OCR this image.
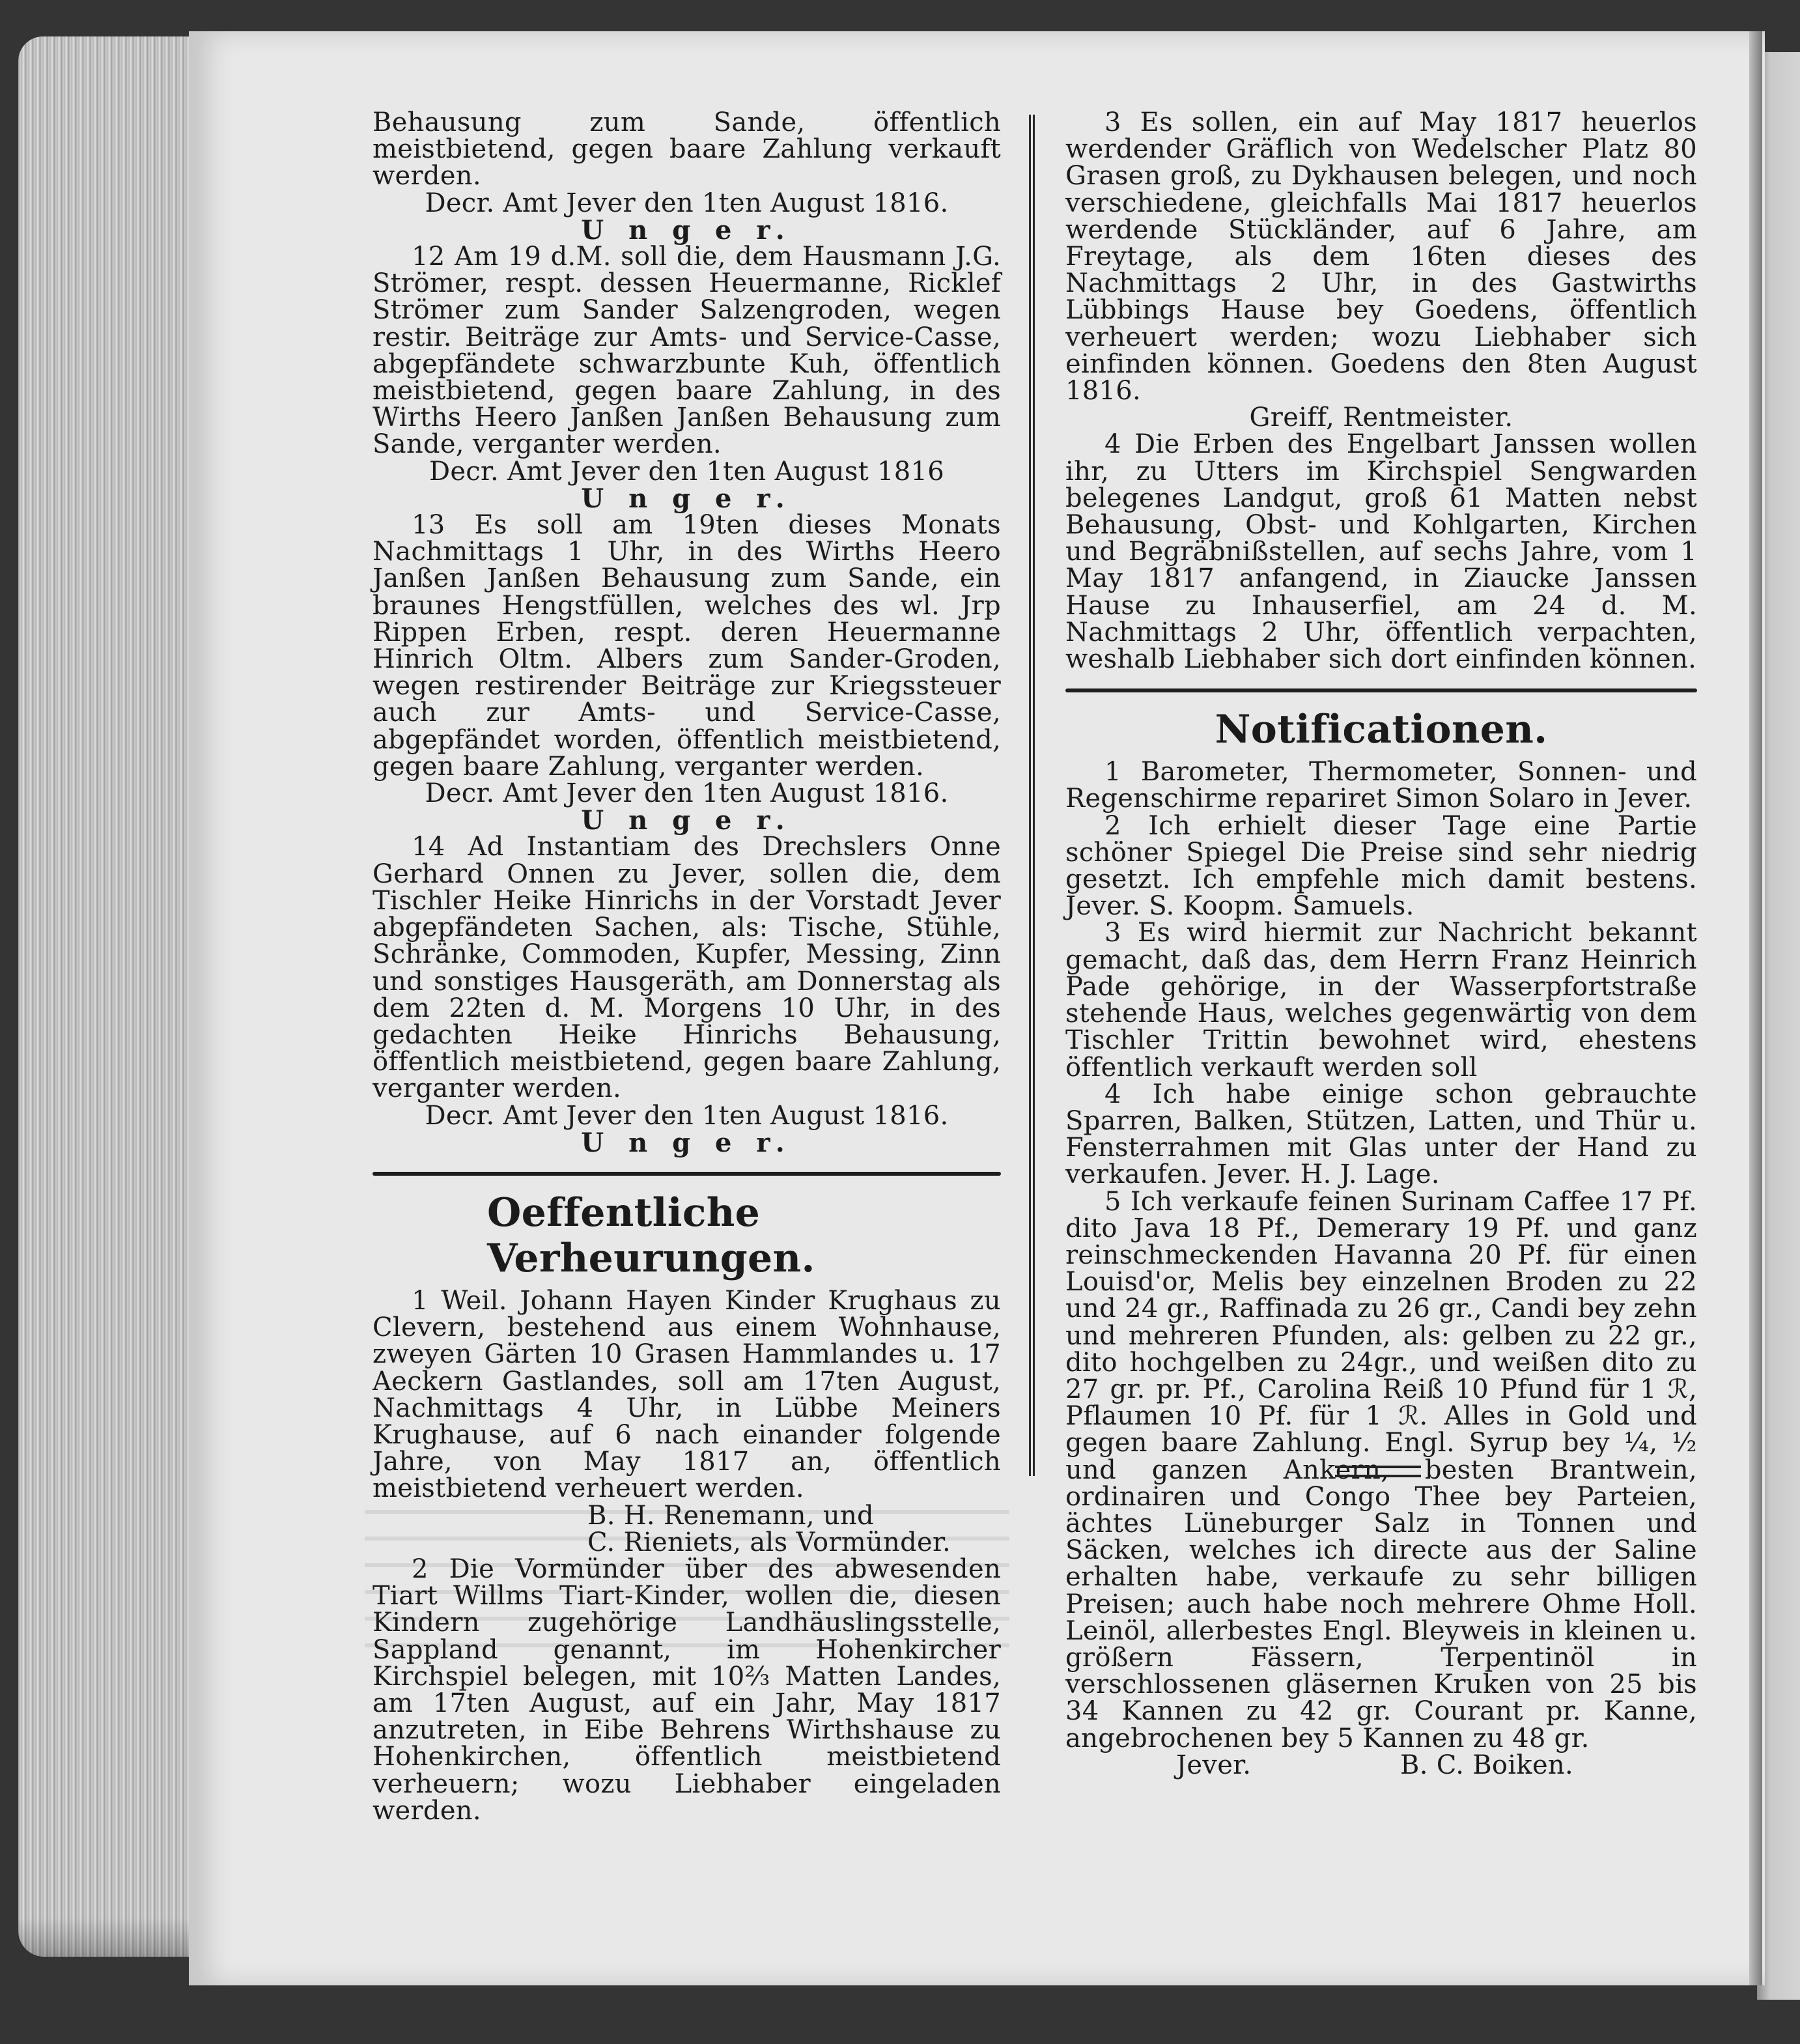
Behausung zum Sande, öffentlich meistbietend, gegen baare Zahlung verkauft werden.

Decr. Amt Jever den 1ten August 1816.

U n g e r.

12 Am 19 d.M. soll die, dem Hausmann J.G. Strömer, respt. dessen Heuermanne, Ricklef Strömer zum Sander Salzengroden, wegen restir. Beiträge zur Amts- und Service-Casse, abgepfändete schwarzbunte Kuh, öffentlich meistbietend, gegen baare Zahlung, in des Wirths Heero Janßen Janßen Behausung zum Sande, verganter werden.

Decr. Amt Jever den 1ten August 1816

U n g e r.

13 Es soll am 19ten dieses Monats Nachmittags 1 Uhr, in des Wirths Heero Janßen Janßen Behausung zum Sande, ein braunes Hengstfüllen, welches des wl. Jrp Rippen Erben, respt. deren Heuermanne Hinrich Oltm. Albers zum Sander-Groden, wegen restirender Beiträge zur Kriegssteuer auch zur Amts- und Service-Casse, abgepfändet worden, öffentlich meistbietend, gegen baare Zahlung, verganter werden.

Decr. Amt Jever den 1ten August 1816.

U n g e r.

14 Ad Instantiam des Drechslers Onne Gerhard Onnen zu Jever, sollen die, dem Tischler Heike Hinrichs in der Vorstadt Jever abgepfändeten Sachen, als: Tische, Stühle, Schränke, Commoden, Kupfer, Messing, Zinn und sonstiges Hausgeräth, am Donnerstag als dem 22ten d. M. Morgens 10 Uhr, in des gedachten Heike Hinrichs Behausung, öffentlich meistbietend, gegen baare Zahlung, verganter werden.

Decr. Amt Jever den 1ten August 1816.

U n g e r.

Oeffentliche Verheurungen.

1 Weil. Johann Hayen Kinder Krughaus zu Clevern, bestehend aus einem Wohnhause, zweyen Gärten 10 Grasen Hammlandes u. 17 Aeckern Gastlandes, soll am 17ten August, Nachmittags 4 Uhr, in Lübbe Meiners Krughause, auf 6 nach einander folgende Jahre, von May 1817 an, öffentlich meistbietend verheuert werden.

B. H. Renemann, und

C. Rieniets, als Vormünder.

2 Die Vormünder über des abwesenden Tiart Willms Tiart-Kinder, wollen die, diesen Kindern zugehörige Landhäuslingsstelle, Sappland genannt, im Hohenkircher Kirchspiel belegen, mit 10⅔ Matten Landes, am 17ten August, auf ein Jahr, May 1817 anzutreten, in Eibe Behrens Wirthshause zu Hohenkirchen, öffentlich meistbietend verheuern; wozu Liebhaber eingeladen werden.

3 Es sollen, ein auf May 1817 heuerlos werdender Gräflich von Wedelscher Platz 80 Grasen groß, zu Dykhausen belegen, und noch verschiedene, gleichfalls Mai 1817 heuerlos werdende Stückländer, auf 6 Jahre, am Freytage, als dem 16ten dieses des Nachmittags 2 Uhr, in des Gastwirths Lübbings Hause bey Goedens, öffentlich verheuert werden; wozu Liebhaber sich einfinden können. Goedens den 8ten August 1816.

Greiff, Rentmeister.

4 Die Erben des Engelbart Janssen wollen ihr, zu Utters im Kirchspiel Sengwarden belegenes Landgut, groß 61 Matten nebst Behausung, Obst- und Kohlgarten, Kirchen und Begräbnißstellen, auf sechs Jahre, vom 1 May 1817 anfangend, in Ziaucke Janssen Hause zu Inhauserfiel, am 24 d. M. Nachmittags 2 Uhr, öffentlich verpachten, weshalb Liebhaber sich dort einfinden können.

Notificationen.

1 Barometer, Thermometer, Sonnen- und Regenschirme repariret Simon Solaro in Jever.

2 Ich erhielt dieser Tage eine Partie schöner Spiegel Die Preise sind sehr niedrig gesetzt. Ich empfehle mich damit bestens. Jever. S. Koopm. Samuels.

3 Es wird hiermit zur Nachricht bekannt gemacht, daß das, dem Herrn Franz Heinrich Pade gehörige, in der Wasserpfortstraße stehende Haus, welches gegenwärtig von dem Tischler Trittin bewohnet wird, ehestens öffentlich verkauft werden soll

4 Ich habe einige schon gebrauchte Sparren, Balken, Stützen, Latten, und Thür u. Fensterrahmen mit Glas unter der Hand zu verkaufen. Jever. H. J. Lage.

5 Ich verkaufe feinen Surinam Caffee 17 Pf. dito Java 18 Pf., Demerary 19 Pf. und ganz reinschmeckenden Havanna 20 Pf. für einen Louisd'or, Melis bey einzelnen Broden zu 22 und 24 gr., Raffinada zu 26 gr., Candi bey zehn und mehreren Pfunden, als: gelben zu 22 gr., dito hochgelben zu 24gr., und weißen dito zu 27 gr. pr. Pf., Carolina Reiß 10 Pfund für 1 ℛ, Pflaumen 10 Pf. für 1 ℛ. Alles in Gold und gegen baare Zahlung. Engl. Syrup bey ¼, ½ und ganzen Ankern, besten Brantwein, ordinairen und Congo Thee bey Parteien, ächtes Lüneburger Salz in Tonnen und Säcken, welches ich directe aus der Saline erhalten habe, verkaufe zu sehr billigen Preisen; auch habe noch mehrere Ohme Holl. Leinöl, allerbestes Engl. Bleyweis in kleinen u. größern Fässern, Terpentinöl in verschlossenen gläsernen Kruken von 25 bis 34 Kannen zu 42 gr. Courant pr. Kanne, angebrochenen bey 5 Kannen zu 48 gr.

Jever.	B. C. Boiken.
